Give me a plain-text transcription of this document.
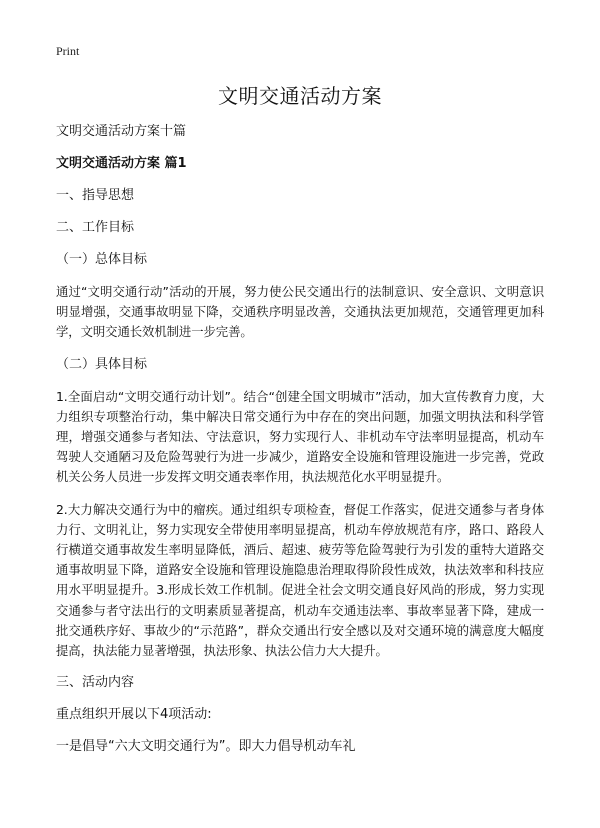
Print
文明交通活动方案

文明交通活动方案十篇

文明交通活动方案 篇1

一、指导思想

二、工作目标

（一）总体目标

通过“文明交通行动”活动的开展，努力使公民交通出行的法制意识、安全意识、文明意识明显增强，交通事故明显下降，交通秩序明显改善，交通执法更加规范，交通管理更加科学，文明交通长效机制进一步完善。

（二）具体目标

1.全面启动“文明交通行动计划”。结合“创建全国文明城市”活动，加大宣传教育力度，大力组织专项整治行动，集中解决日常交通行为中存在的突出问题，加强文明执法和科学管理，增强交通参与者知法、守法意识，努力实现行人、非机动车守法率明显提高，机动车驾驶人交通陋习及危险驾驶行为进一步减少，道路安全设施和管理设施进一步完善，党政机关公务人员进一步发挥文明交通表率作用，执法规范化水平明显提升。

2.大力解决交通行为中的瘤疾。通过组织专项检查，督促工作落实，促进交通参与者身体力行、文明礼让，努力实现安全带使用率明显提高，机动车停放规范有序，路口、路段人行横道交通事故发生率明显降低，酒后、超速、疲劳等危险驾驶行为引发的重特大道路交通事故明显下降，道路安全设施和管理设施隐患治理取得阶段性成效，执法效率和科技应用水平明显提升。3.形成长效工作机制。促进全社会文明交通良好风尚的形成，努力实现交通参与者守法出行的文明素质显著提高，机动车交通违法率、事故率显著下降，建成一批交通秩序好、事故少的“示范路”，群众交通出行安全感以及对交通环境的满意度大幅度提高，执法能力显著增强，执法形象、执法公信力大大提升。

三、活动内容

重点组织开展以下4项活动:

一是倡导“六大文明交通行为”。即大力倡导机动车礼
